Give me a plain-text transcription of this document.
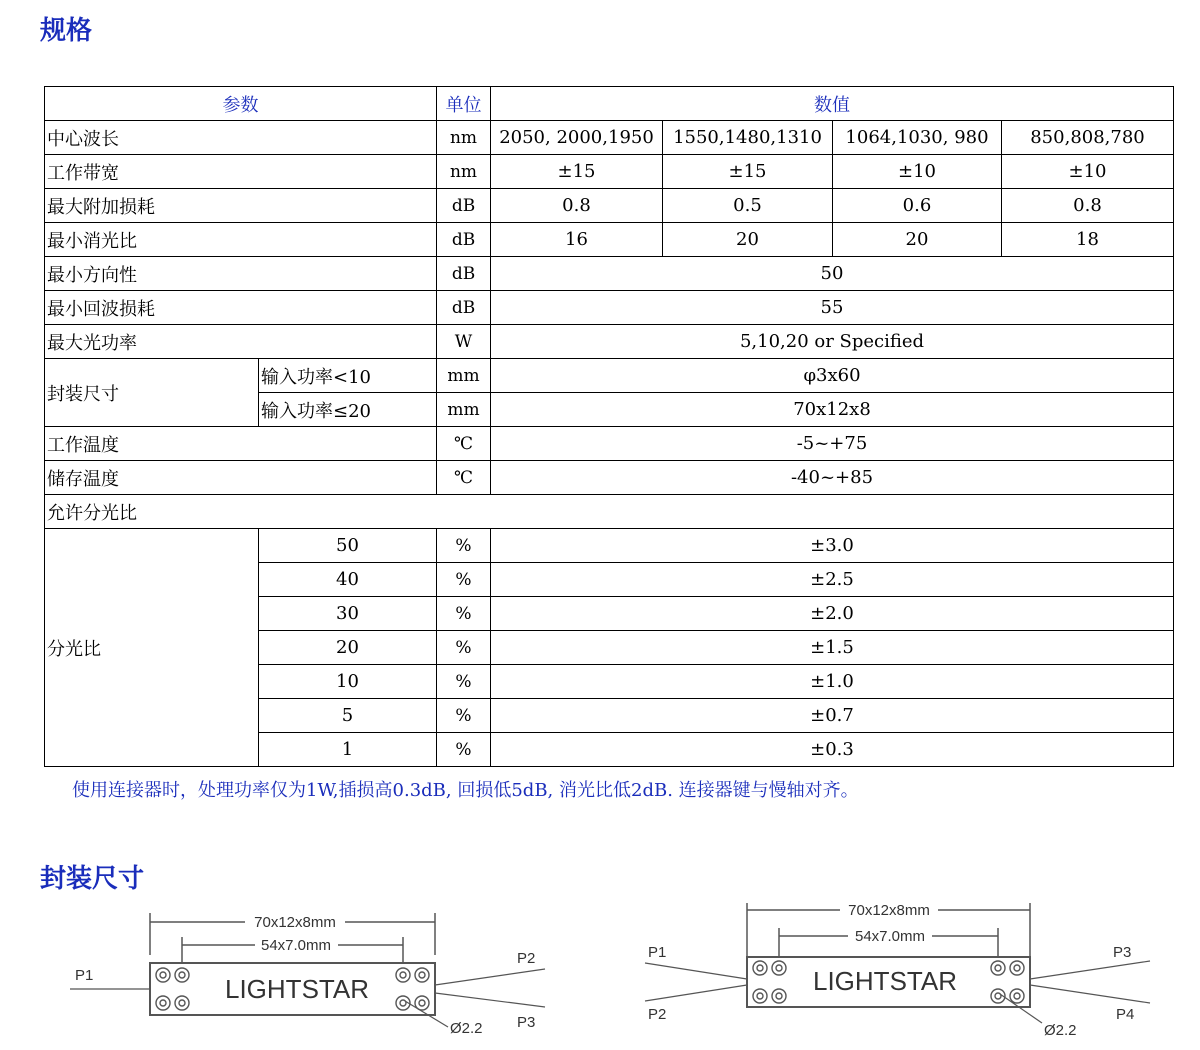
规格
参数		单位	数值			
中心波长		nm	2050, 2000,1950	1550,1480,1310	1064,1030, 980	850,808,780
工作带宽		nm	±15	±15	±10	±10
最大附加损耗		dB	0.8	0.5	0.6	0.8
最小消光比		dB	16	20	20	18
最小方向性		dB	50			
最小回波损耗		dB	55			
最大光功率		W	5,10,20 or Specified			
封装尺寸	输入功率<10	mm	φ3x60			
	输入功率≤20	mm	70x12x8			
工作温度		℃	-5~+75			
储存温度		℃	-40~+85			
允许分光比						
分光比	50	%	±3.0			
	40	%	±2.5			
	30	%	±2.0			
	20	%	±1.5			
	10	%	±1.0			
	5	%	±0.7			
	1	%	±0.3			

使用连接器时，处理功率仅为1W,插损高0.3dB, 回损低5dB, 消光比低2dB. 连接器键与慢轴对齐。

封装尺寸
70x12x8mm
54x7.0mm
LIGHTSTAR
P1
P2
P3
Ø2.2
70x12x8mm
54x7.0mm
LIGHTSTAR
P1
P2
P3
P4
Ø2.2
